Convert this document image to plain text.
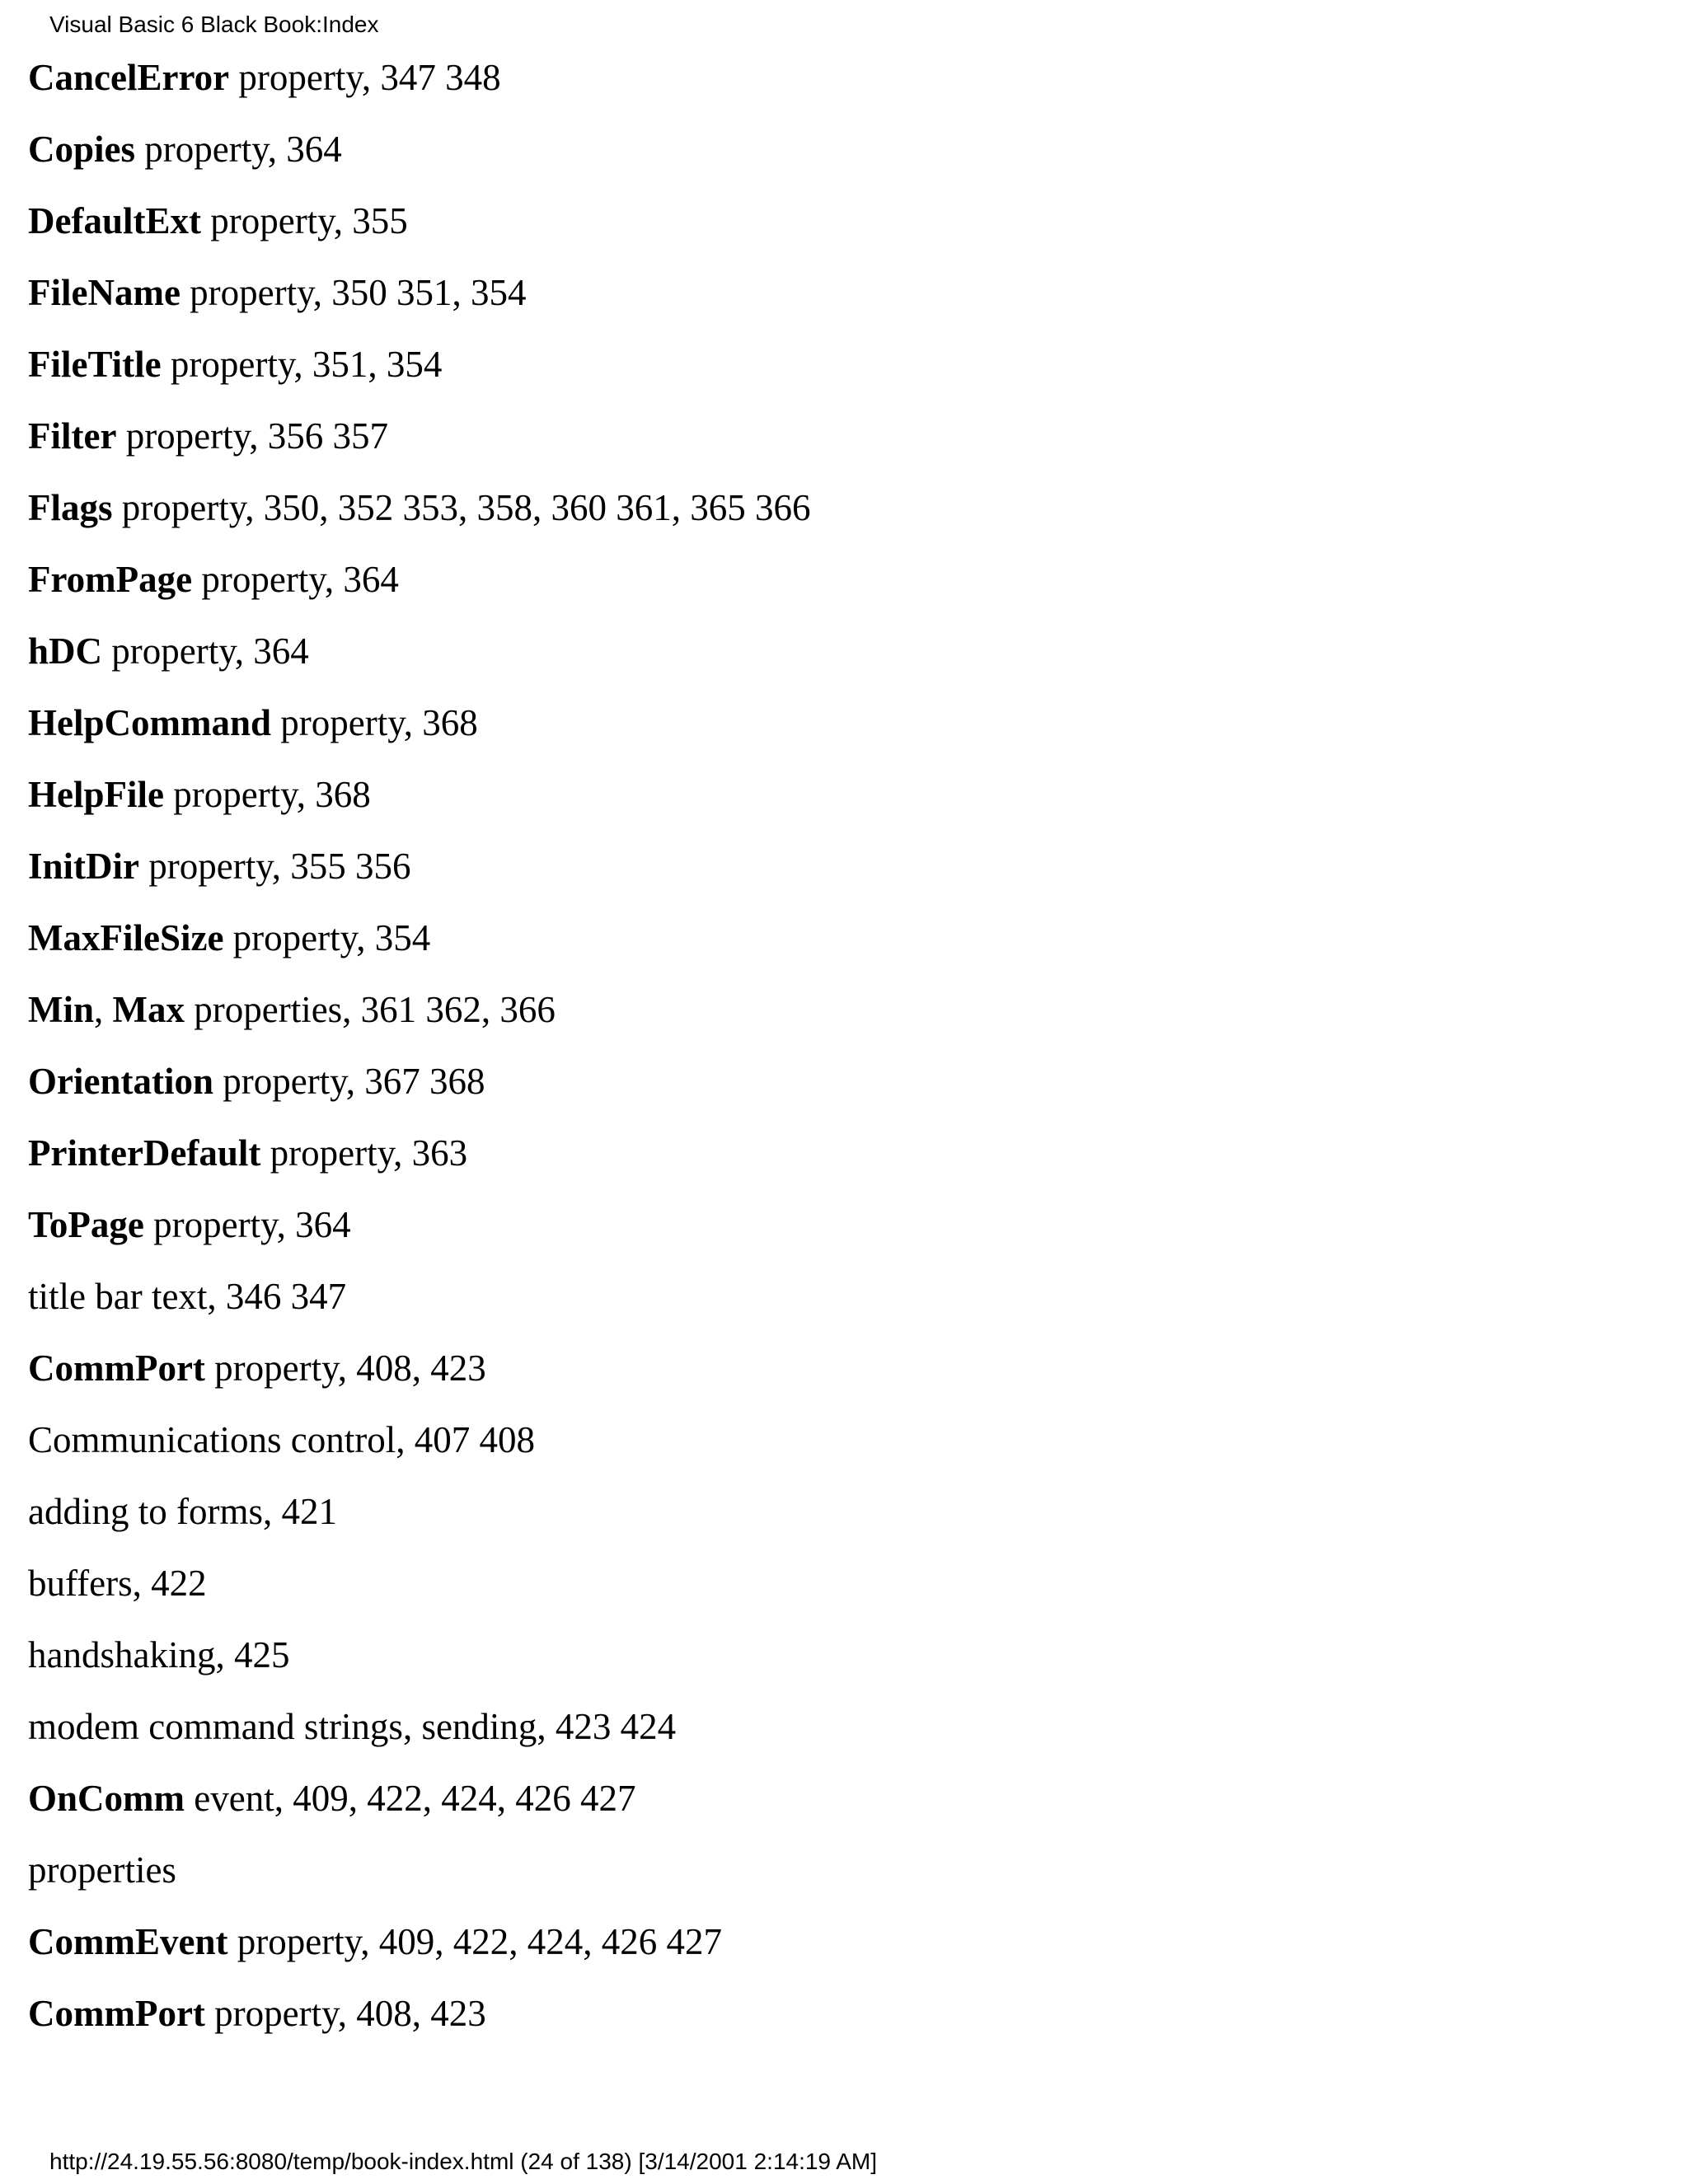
Visual Basic 6 Black Book:Index
CancelError property, 347 348
Copies property, 364
DefaultExt property, 355
FileName property, 350 351, 354
FileTitle property, 351, 354
Filter property, 356 357
Flags property, 350, 352 353, 358, 360 361, 365 366
FromPage property, 364
hDC property, 364
HelpCommand property, 368
HelpFile property, 368
InitDir property, 355 356
MaxFileSize property, 354
Min, Max properties, 361 362, 366
Orientation property, 367 368
PrinterDefault property, 363
ToPage property, 364
title bar text, 346 347
CommPort property, 408, 423
Communications control, 407 408
adding to forms, 421
buffers, 422
handshaking, 425
modem command strings, sending, 423 424
OnComm event, 409, 422, 424, 426 427
properties
CommEvent property, 409, 422, 424, 426 427
CommPort property, 408, 423
http://24.19.55.56:8080/temp/book-index.html (24 of 138) [3/14/2001 2:14:19 AM]
